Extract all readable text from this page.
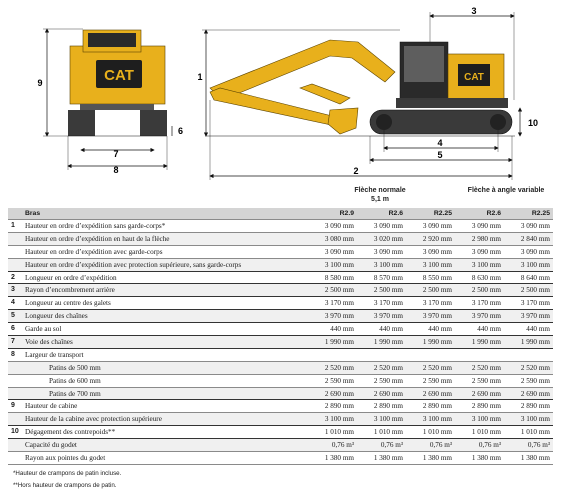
CAT
9
6
7
8
CAT
1
3
10
4
5
2
Flèche normale
5,1 m
Flèche à angle variable
	Bras	R2.9	R2.6	R2.25	R2.6	R2.25
1	Hauteur en ordre d’expédition sans garde-corps*	3 090 mm	3 090 mm	3 090 mm	3 090 mm	3 090 mm
	Hauteur en ordre d’expédition en haut de la flèche	3 080 mm	3 020 mm	2 920 mm	2 980 mm	2 840 mm
	Hauteur en ordre d’expédition avec garde-corps	3 090 mm	3 090 mm	3 090 mm	3 090 mm	3 090 mm
	Hauteur en ordre d’expédition avec protection supérieure, sans garde-corps	3 100 mm	3 100 mm	3 100 mm	3 100 mm	3 100 mm
2	Longueur en ordre d’expédition	8 580 mm	8 570 mm	8 550 mm	8 630 mm	8 640 mm
3	Rayon d’encombrement arrière	2 500 mm	2 500 mm	2 500 mm	2 500 mm	2 500 mm
4	Longueur au centre des galets	3 170 mm	3 170 mm	3 170 mm	3 170 mm	3 170 mm
5	Longueur des chaînes	3 970 mm	3 970 mm	3 970 mm	3 970 mm	3 970 mm
6	Garde au sol	440 mm	440 mm	440 mm	440 mm	440 mm
7	Voie des chaînes	1 990 mm	1 990 mm	1 990 mm	1 990 mm	1 990 mm
8	Largeur de transport					
	Patins de 500 mm	2 520 mm	2 520 mm	2 520 mm	2 520 mm	2 520 mm
	Patins de 600 mm	2 590 mm	2 590 mm	2 590 mm	2 590 mm	2 590 mm
	Patins de 700 mm	2 690 mm	2 690 mm	2 690 mm	2 690 mm	2 690 mm
9	Hauteur de cabine	2 890 mm	2 890 mm	2 890 mm	2 890 mm	2 890 mm
	Hauteur de la cabine avec protection supérieure	3 100 mm	3 100 mm	3 100 mm	3 100 mm	3 100 mm
10	Dégagement des contrepoids**	1 010 mm	1 010 mm	1 010 mm	1 010 mm	1 010 mm
	Capacité du godet	0,76 m³	0,76 m³	0,76 m³	0,76 m³	0,76 m³
	Rayon aux pointes du godet	1 380 mm	1 380 mm	1 380 mm	1 380 mm	1 380 mm
*Hauteur de crampons de patin incluse.
**Hors hauteur de crampons de patin.
